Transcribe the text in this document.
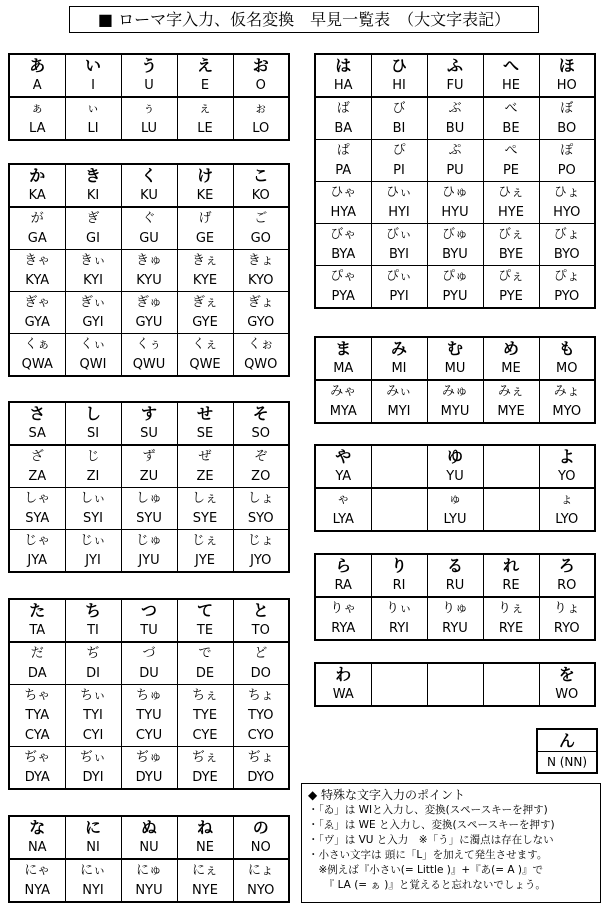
■ ローマ字入力、仮名変換　早見一覧表　（大文字表記）
あ	い	う	え	お
A	I	U	E	O
ぁ	ぃ	ぅ	ぇ	ぉ
LA	LI	LU	LE	LO
か	き	く	け	こ
KA	KI	KU	KE	KO
が	ぎ	ぐ	げ	ご
GA	GI	GU	GE	GO
きゃ	きぃ	きゅ	きぇ	きょ
KYA	KYI	KYU	KYE	KYO
ぎゃ	ぎぃ	ぎゅ	ぎぇ	ぎょ
GYA	GYI	GYU	GYE	GYO
くぁ	くぃ	くぅ	くぇ	くぉ
QWA	QWI	QWU	QWE	QWO
さ	し	す	せ	そ
SA	SI	SU	SE	SO
ざ	じ	ず	ぜ	ぞ
ZA	ZI	ZU	ZE	ZO
しゃ	しぃ	しゅ	しぇ	しょ
SYA	SYI	SYU	SYE	SYO
じゃ	じぃ	じゅ	じぇ	じょ
JYA	JYI	JYU	JYE	JYO
た	ち	つ	て	と
TA	TI	TU	TE	TO
だ	ぢ	づ	で	ど
DA	DI	DU	DE	DO
ちゃ	ちぃ	ちゅ	ちぇ	ちょ
TYA	TYI	TYU	TYE	TYO
CYA	CYI	CYU	CYE	CYO
ぢゃ	ぢぃ	ぢゅ	ぢぇ	ぢょ
DYA	DYI	DYU	DYE	DYO
な	に	ぬ	ね	の
NA	NI	NU	NE	NO
にゃ	にぃ	にゅ	にぇ	にょ
NYA	NYI	NYU	NYE	NYO
は	ひ	ふ	へ	ほ
HA	HI	FU	HE	HO
ば	び	ぶ	べ	ぼ
BA	BI	BU	BE	BO
ぱ	ぴ	ぷ	ぺ	ぽ
PA	PI	PU	PE	PO
ひゃ	ひぃ	ひゅ	ひぇ	ひょ
HYA	HYI	HYU	HYE	HYO
びゃ	びぃ	びゅ	びぇ	びょ
BYA	BYI	BYU	BYE	BYO
ぴゃ	ぴぃ	ぴゅ	ぴぇ	ぴょ
PYA	PYI	PYU	PYE	PYO
ま	み	む	め	も
MA	MI	MU	ME	MO
みゃ	みぃ	みゅ	みぇ	みょ
MYA	MYI	MYU	MYE	MYO
や		ゆ		よ
YA		YU		YO
ゃ		ゅ		ょ
LYA		LYU		LYO
ら	り	る	れ	ろ
RA	RI	RU	RE	RO
りゃ	りぃ	りゅ	りぇ	りょ
RYA	RYI	RYU	RYE	RYO
わ				を
WA				WO
ん
N (NN)
◆ 特殊な文字入力のポイント
・「ゐ」は WIと入力し、変換(スペースキーを押す)
・「ゑ」は WE と入力し、変換(スペースキーを押す)
・「ヴ」は VU と入力　※「う」に濁点は存在しない
・小さい文字は 頭に「L」を加えて発生させます。
　※例えば『小さい(= Little )』+『あ(= A )』で
　　『 LA (= ぁ )』と覚えると忘れないでしょう。
